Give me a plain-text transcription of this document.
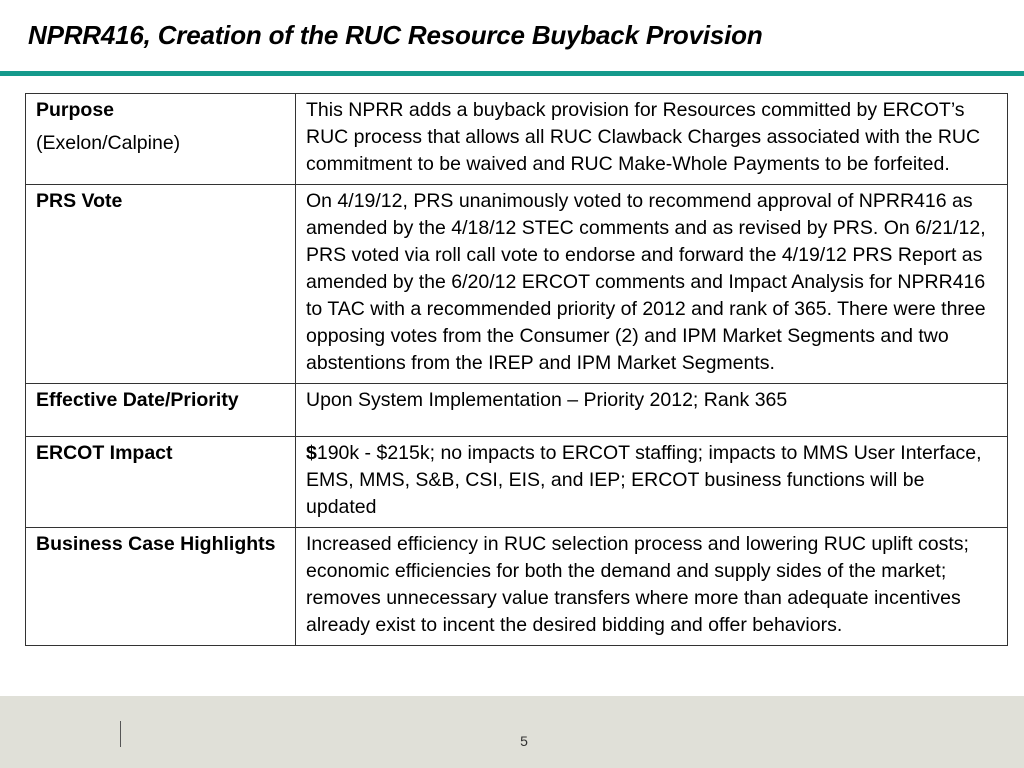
NPRR416, Creation of the RUC Resource Buyback Provision
5
Purpose
(Exelon/Calpine)	This NPRR adds a buyback provision for Resources committed by ERCOT’s RUC process that allows all RUC Clawback Charges associated with the RUC commitment to be waived and RUC Make-Whole Payments to be forfeited.
PRS Vote	On 4/19/12, PRS unanimously voted to recommend approval of NPRR416 as amended by the 4/18/12 STEC comments and as revised by PRS. On 6/21/12, PRS voted via roll call vote to endorse and forward the 4/19/12 PRS Report as amended by the 6/20/12 ERCOT comments and Impact Analysis for NPRR416 to TAC with a recommended priority of 2012 and rank of 365. There were three opposing votes from the Consumer (2) and IPM Market Segments and two abstentions from the IREP and IPM Market Segments.
Effective Date/Priority	Upon System Implementation – Priority 2012; Rank 365
ERCOT Impact	$190k - $215k; no impacts to ERCOT staffing; impacts to MMS User Interface, EMS, MMS, S&B, CSI, EIS, and IEP; ERCOT business functions will be updated
Business Case Highlights	Increased efficiency in RUC selection process and lowering RUC uplift costs; economic efficiencies for both the demand and supply sides of the market; removes unnecessary value transfers where more than adequate incentives already exist to incent the desired bidding and offer behaviors.
